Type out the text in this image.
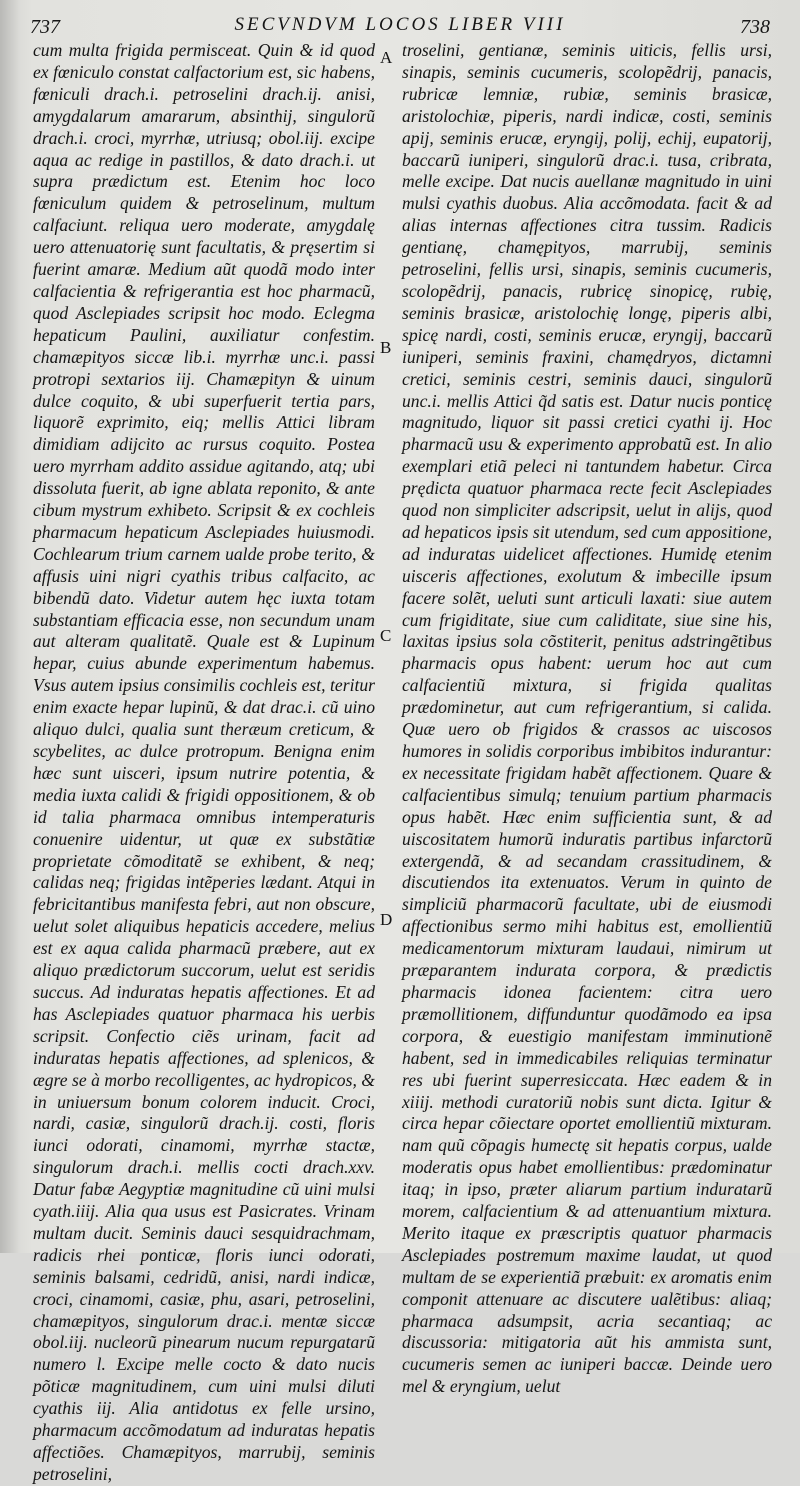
737	SECVNDVM LOCOS LIBER VIII	738

cum multa frigida permisceat. Quin & id quod ex fœniculo constat calfactorium est, sic habens, fœniculi drach.i. petroselini drach.ij. anisi, amygdalarum amararum, absinthij, singulorũ drach.i. croci, myrrhæ, utriusq; obol.iij. excipe aqua ac redige in pastillos, & dato drach.i. ut supra prædictum est. Etenim hoc loco fœniculum quidem & petroselinum, multum calfaciunt. reliqua uero moderate, amygdalę uero attenuatorię sunt facultatis, & pręsertim si fuerint amaræ. Medium aũt quodã modo inter calfacientia & refrigerantia est hoc pharmacũ, quod Asclepiades scripsit hoc modo. Eclegma hepaticum Paulini, auxiliatur confestim. chamæpityos siccæ lib.i. myrrhæ unc.i. passi protropi sextarios iij. Chamæpityn & uinum dulce coquito, & ubi superfuerit tertia pars, liquorẽ exprimito, eiq; mellis Attici libram dimidiam adijcito ac rursus coquito. Postea uero myrrham addito assidue agitando, atq; ubi dissoluta fuerit, ab igne ablata reponito, & ante cibum mystrum exhibeto. Scripsit & ex cochleis pharmacum hepaticum Asclepiades huiusmodi. Cochlearum trium carnem ualde probe terito, & affusis uini nigri cyathis tribus calfacito, ac bibendũ dato. Videtur autem hęc iuxta totam substantiam efficacia esse, non secundum unam aut alteram qualitatẽ. Quale est & Lupinum hepar, cuius abunde experimentum habemus. Vsus autem ipsius consimilis cochleis est, teritur enim exacte hepar lupinũ, & dat drac.i. cũ uino aliquo dulci, qualia sunt theræum creticum, & scybelites, ac dulce protropum. Benigna enim hæc sunt uisceri, ipsum nutrire potentia, & media iuxta calidi & frigidi oppositionem, & ob id talia pharmaca omnibus intemperaturis conuenire uidentur, ut quæ ex substãtiæ proprietate cõmoditatẽ se exhibent, & neq; calidas neq; frigidas intẽperies lædant. Atqui in febricitantibus manifesta febri, aut non obscure, uelut solet aliquibus hepaticis accedere, melius est ex aqua calida pharmacũ præbere, aut ex aliquo prædictorum succorum, uelut est seridis succus. Ad induratas hepatis affectiones. Et ad has Asclepiades quatuor pharmaca his uerbis scripsit. Confectio ciẽs urinam, facit ad induratas hepatis affectiones, ad splenicos, & ægre se à morbo recolligentes, ac hydropicos, & in uniuersum bonum colorem inducit. Croci, nardi, casiæ, singulorũ drach.ij. costi, floris iunci odorati, cinamomi, myrrhæ stactæ, singulorum drach.i. mellis cocti drach.xxv. Datur fabæ Aegyptiæ magnitudine cũ uini mulsi cyath.iiij. Alia qua usus est Pasicrates. Vrinam multam ducit. Seminis dauci sesquidrachmam, radicis rhei ponticæ, floris iunci odorati, seminis balsami, cedridũ, anisi, nardi indicæ, croci, cinamomi, casiæ, phu, asari, petroselini, chamæpityos, singulorum drac.i. mentæ siccæ obol.iij. nucleorũ pinearum nucum repurgatarũ numero l. Excipe melle cocto & dato nucis põticæ magnitudinem, cum uini mulsi diluti cyathis iij. Alia antidotus ex felle ursino, pharmacum accõmodatum ad induratas hepatis affectiões. Chamæpityos, marrubij, seminis petroselini,

A
B
C
D

troselini, gentianæ, seminis uiticis, fellis ursi, sinapis, seminis cucumeris, scolopẽdrij, panacis, rubricæ lemniæ, rubiæ, seminis brasicæ, aristolochiæ, piperis, nardi indicæ, costi, seminis apij, seminis erucæ, eryngij, polij, echij, eupatorij, baccarũ iuniperi, singulorũ drac.i. tusa, cribrata, melle excipe. Dat nucis auellanæ magnitudo in uini mulsi cyathis duobus. Alia accõmodata. facit & ad alias internas affectiones citra tussim. Radicis gentianę, chamępityos, marrubij, seminis petroselini, fellis ursi, sinapis, seminis cucumeris, scolopẽdrij, panacis, rubricę sinopicę, rubię, seminis brasicæ, aristolochię longę, piperis albi, spicę nardi, costi, seminis erucæ, eryngij, baccarũ iuniperi, seminis fraxini, chamędryos, dictamni cretici, seminis cestri, seminis dauci, singulorũ unc.i. mellis Attici q̃d satis est. Datur nucis ponticę magnitudo, liquor sit passi cretici cyathi ij. Hoc pharmacũ usu & experimento approbatũ est. In alio exemplari etiã peleci ni tantundem habetur. Circa prędicta quatuor pharmaca recte fecit Asclepiades quod non simpliciter adscripsit, uelut in alijs, quod ad hepaticos ipsis sit utendum, sed cum appositione, ad induratas uidelicet affectiones. Humidę etenim uisceris affectiones, exolutum & imbecille ipsum facere solẽt, ueluti sunt articuli laxati: siue autem cum frigiditate, siue cum caliditate, siue sine his, laxitas ipsius sola cõstiterit, penitus adstringẽtibus pharmacis opus habent: uerum hoc aut cum calfacientiũ mixtura, si frigida qualitas prædominetur, aut cum refrigerantium, si calida. Quæ uero ob frigidos & crassos ac uiscosos humores in solidis corporibus imbibitos indurantur: ex necessitate frigidam habẽt affectionem. Quare & calfacientibus simulq; tenuium partium pharmacis opus habẽt. Hæc enim sufficientia sunt, & ad uiscositatem humorũ induratis partibus infarctorũ extergendã, & ad secandam crassitudinem, & discutiendos ita extenuatos. Verum in quinto de simpliciũ pharmacorũ facultate, ubi de eiusmodi affectionibus sermo mihi habitus est, emollientiũ medicamentorum mixturam laudaui, nimirum ut præparantem indurata corpora, & prædictis pharmacis idonea facientem: citra uero præmollitionem, diffunduntur quodãmodo ea ipsa corpora, & euestigio manifestam imminutionẽ habent, sed in immedicabiles reliquias terminatur res ubi fuerint superresiccata. Hæc eadem & in xiiij. methodi curatoriũ nobis sunt dicta. Igitur & circa hepar cõiectare oportet emollientiũ mixturam. nam quũ cõpagis humectę sit hepatis corpus, ualde moderatis opus habet emollientibus: prædominatur itaq; in ipso, præter aliarum partium induratarũ morem, calfacientium & ad attenuantium mixtura. Merito itaque ex præscriptis quatuor pharmacis Asclepiades postremum maxime laudat, ut quod multam de se experientiã præbuit: ex aromatis enim componit attenuare ac discutere ualẽtibus: aliaq; pharmaca adsumpsit, acria secantiaq; ac discussoria: mitigatoria aũt his ammista sunt, cucumeris semen ac iuniperi baccæ. Deinde uero mel & eryngium, uelut
